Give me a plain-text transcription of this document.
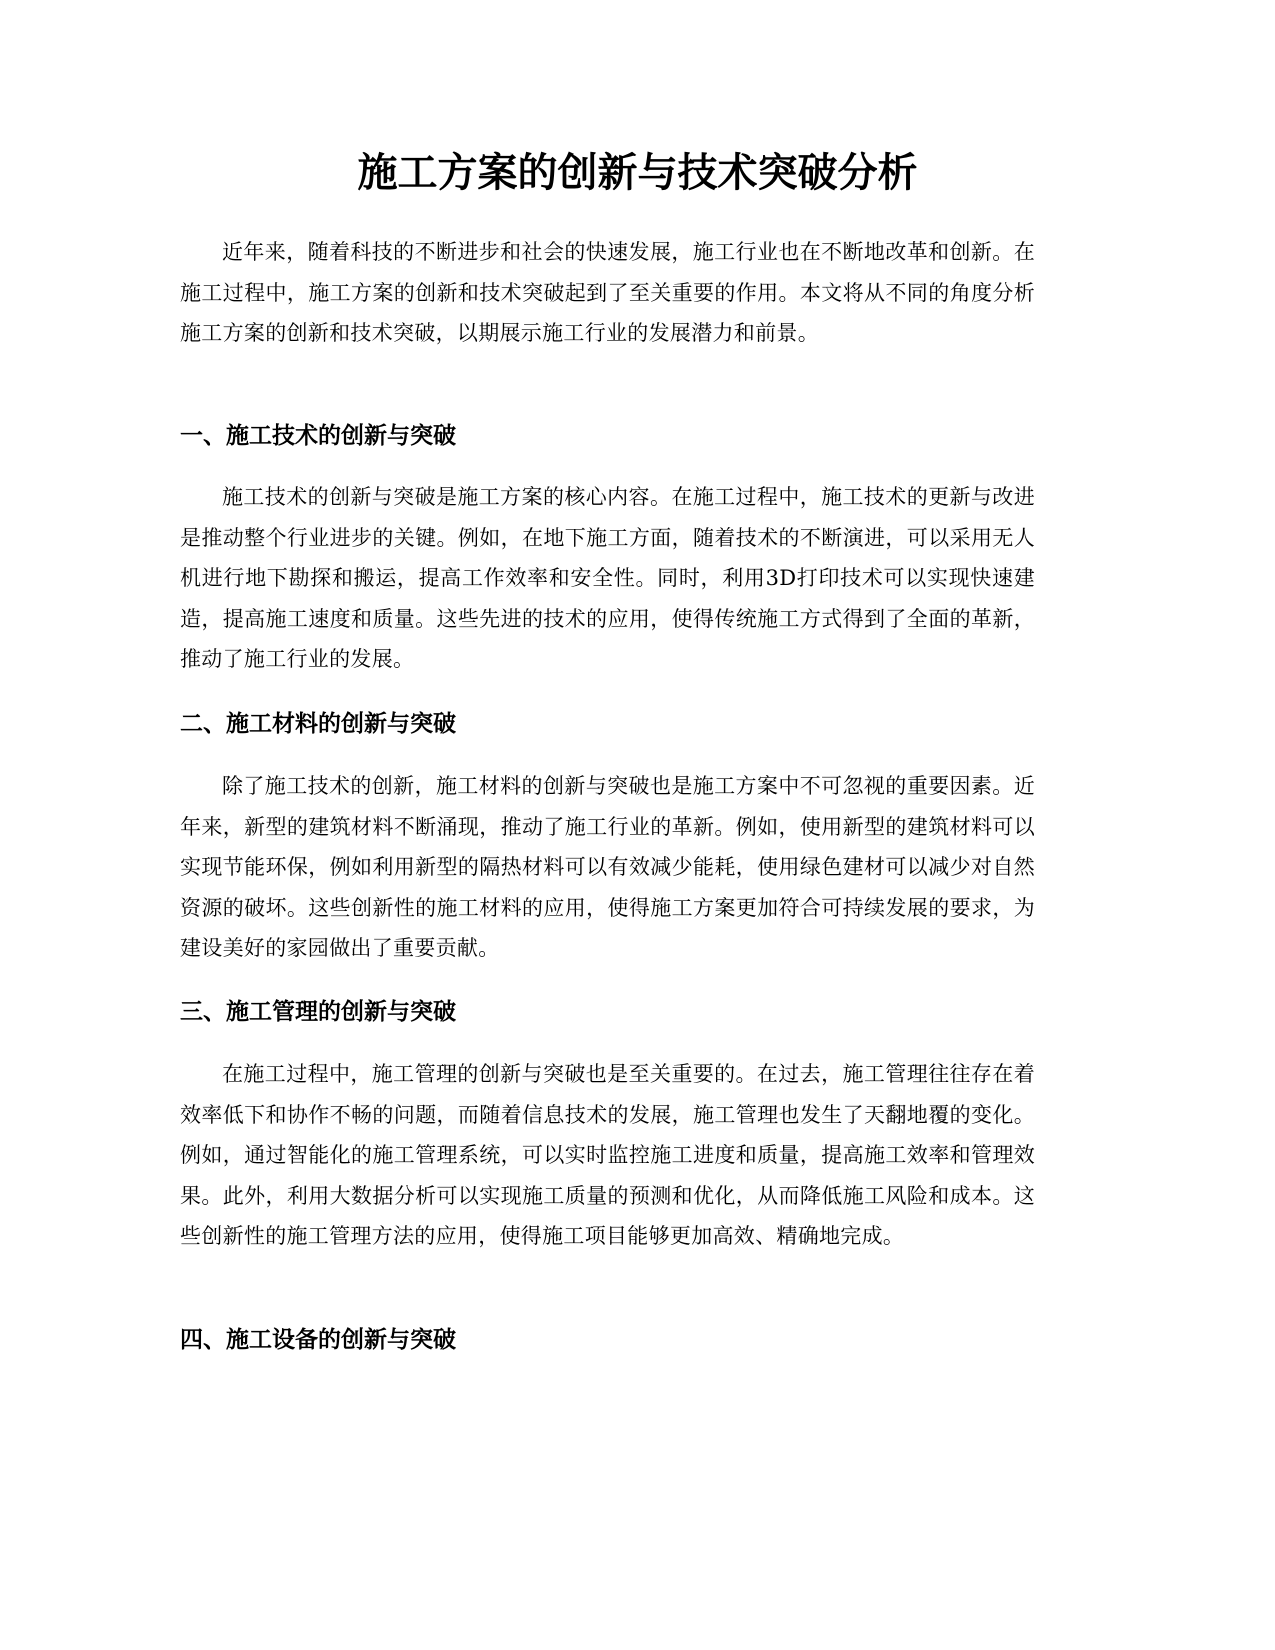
施工方案的创新与技术突破分析

近年来，随着科技的不断进步和社会的快速发展，施工行业也在不断地改革和创新。在施工过程中，施工方案的创新和技术突破起到了至关重要的作用。本文将从不同的角度分析施工方案的创新和技术突破，以期展示施工行业的发展潜力和前景。

一、施工技术的创新与突破

施工技术的创新与突破是施工方案的核心内容。在施工过程中，施工技术的更新与改进是推动整个行业进步的关键。例如，在地下施工方面，随着技术的不断演进，可以采用无人机进行地下勘探和搬运，提高工作效率和安全性。同时，利用3D打印技术可以实现快速建造，提高施工速度和质量。这些先进的技术的应用，使得传统施工方式得到了全面的革新，推动了施工行业的发展。

二、施工材料的创新与突破

除了施工技术的创新，施工材料的创新与突破也是施工方案中不可忽视的重要因素。近年来，新型的建筑材料不断涌现，推动了施工行业的革新。例如，使用新型的建筑材料可以实现节能环保，例如利用新型的隔热材料可以有效减少能耗，使用绿色建材可以减少对自然资源的破坏。这些创新性的施工材料的应用，使得施工方案更加符合可持续发展的要求，为建设美好的家园做出了重要贡献。

三、施工管理的创新与突破

在施工过程中，施工管理的创新与突破也是至关重要的。在过去，施工管理往往存在着效率低下和协作不畅的问题，而随着信息技术的发展，施工管理也发生了天翻地覆的变化。例如，通过智能化的施工管理系统，可以实时监控施工进度和质量，提高施工效率和管理效果。此外，利用大数据分析可以实现施工质量的预测和优化，从而降低施工风险和成本。这些创新性的施工管理方法的应用，使得施工项目能够更加高效、精确地完成。

四、施工设备的创新与突破
